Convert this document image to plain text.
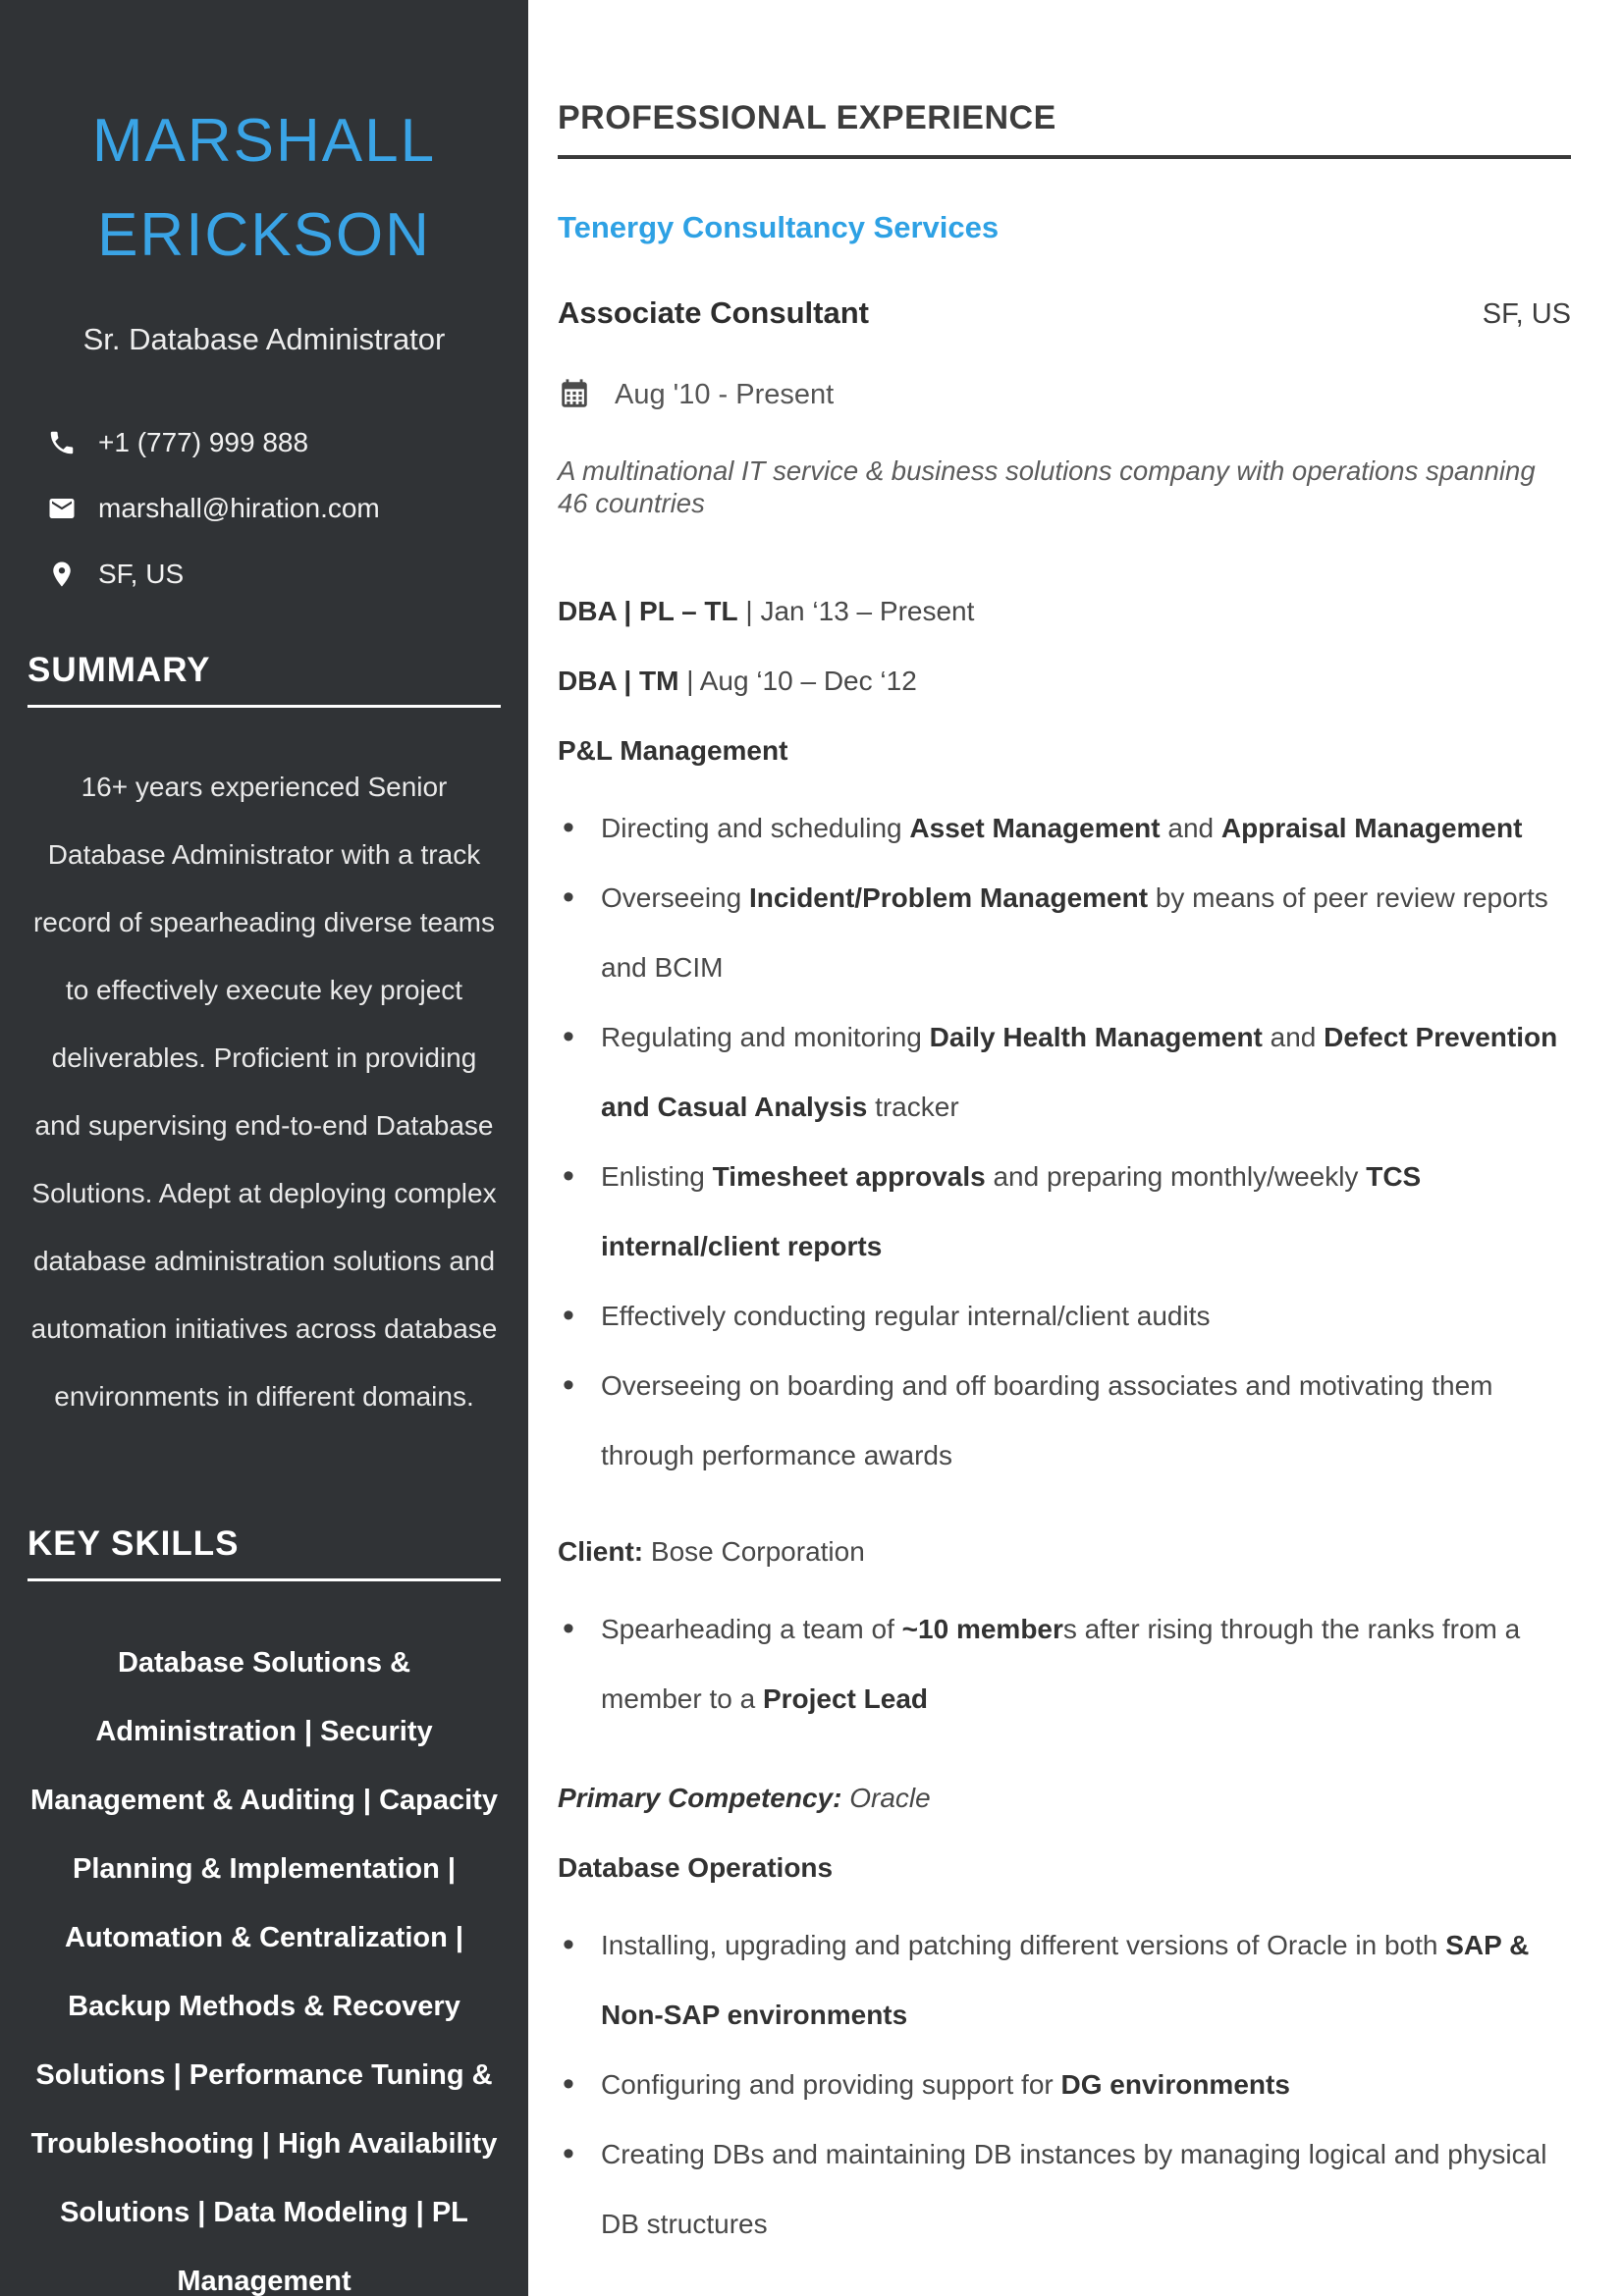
MARSHALL
ERICKSON
Sr. Database Administrator
+1 (777) 999 888
marshall@hiration.com
SF, US
SUMMARY

16+ years experienced Senior Database Administrator with a track record of spearheading diverse teams to effectively execute key project deliverables. Proficient in providing and supervising end-to-end Database Solutions. Adept at deploying complex database administration solutions and automation initiatives across database environments in different domains.

KEY SKILLS

Database Solutions & Administration | Security Management & Auditing | Capacity Planning & Implementation | Automation & Centralization | Backup Methods & Recovery Solutions | Performance Tuning & Troubleshooting | High Availability Solutions | Data Modeling | PL Management

PROFESSIONAL EXPERIENCE
Tenergy Consultancy Services
Associate Consultant	SF, US
Aug '10 - Present
A multinational IT service & business solutions company with operations spanning 46 countries
DBA | PL – TL | Jan ‘13 – Present
DBA | TM | Aug ‘10 – Dec ‘12
P&L Management
• Directing and scheduling Asset Management and Appraisal Management
• Overseeing Incident/Problem Management by means of peer review reports and BCIM
• Regulating and monitoring Daily Health Management and Defect Prevention and Casual Analysis tracker
• Enlisting Timesheet approvals and preparing monthly/weekly TCS internal/client reports
• Effectively conducting regular internal/client audits
• Overseeing on boarding and off boarding associates and motivating them through performance awards
Client: Bose Corporation
• Spearheading a team of ~10 members after rising through the ranks from a member to a Project Lead
Primary Competency: Oracle
Database Operations
• Installing, upgrading and patching different versions of Oracle in both SAP & Non-SAP environments
• Configuring and providing support for DG environments
• Creating DBs and maintaining DB instances by managing logical and physical DB structures
